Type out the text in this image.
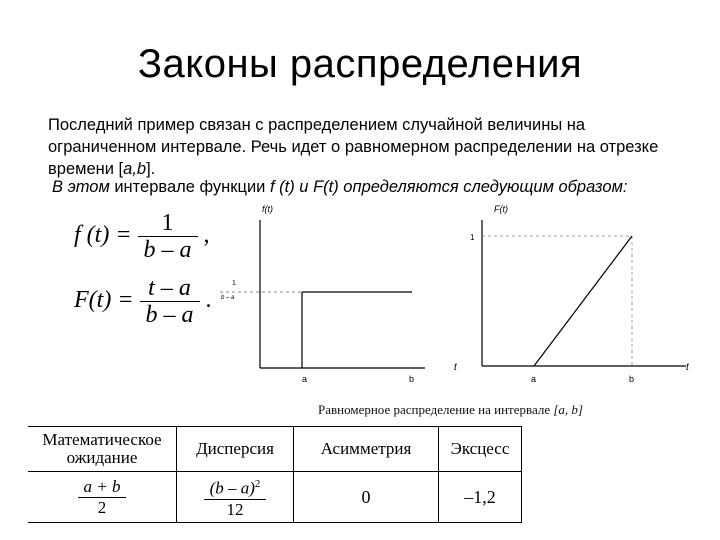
Законы распределения
Последний пример связан с распределением случайной величины на ограниченном интервале. Речь идет о равномерном распределении на отрезке времени [a,b].
В этом интервале функции f (t) и F(t) определяются следующим образом:
f $(t) = \frac{1}{b - a}$ ,
$F(t) = \frac{t - a}{b - a}$ .
f(t)
1
b – a
a	b
F(t)
1
t	t
a	b
Равномерное распределение на интервале [a, b]
Математическое ожидание	Дисперсия	Асимметрия	Эксцесс

$\frac{a + b}{2}$	$\frac{(b - a)^2}{12}$	0	–1,2
